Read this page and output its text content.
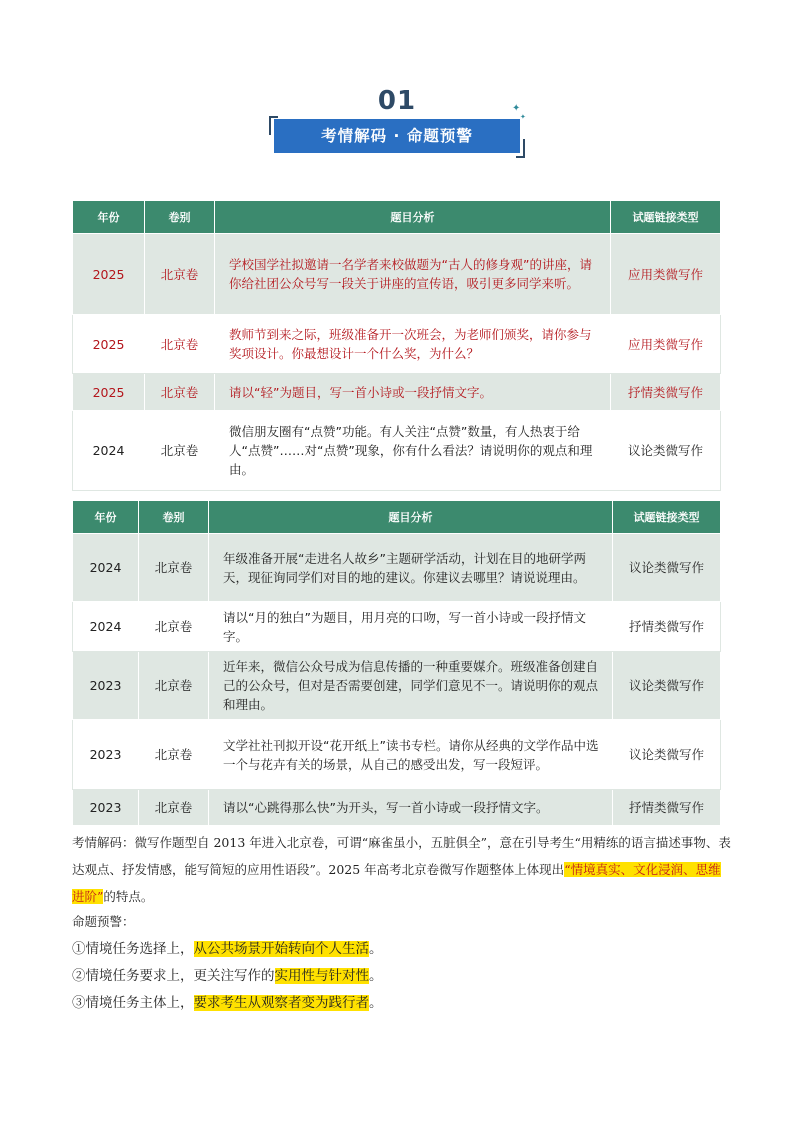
01
考情解码 · 命题预警
✦
✦
年份	卷别	题目分析	试题链接类型
2025	北京卷	学校国学社拟邀请一名学者来校做题为“古人的修身观”的讲座，请你给社团公众号写一段关于讲座的宣传语，吸引更多同学来听。	应用类微写作
2025	北京卷	教师节到来之际，班级准备开一次班会，为老师们颁奖，请你参与奖项设计。你最想设计一个什么奖，为什么？	应用类微写作
2025	北京卷	请以“轻”为题目，写一首小诗或一段抒情文字。	抒情类微写作
2024	北京卷	微信朋友圈有“点赞”功能。有人关注“点赞”数量，有人热衷于给人“点赞”……对“点赞”现象，你有什么看法？请说明你的观点和理由。	议论类微写作
年份	卷别	题目分析	试题链接类型
2024	北京卷	年级准备开展“走进名人故乡”主题研学活动，计划在目的地研学两天，现征询同学们对目的地的建议。你建议去哪里？请说说理由。	议论类微写作
2024	北京卷	请以“月的独白”为题目，用月亮的口吻，写一首小诗或一段抒情文字。	抒情类微写作
2023	北京卷	近年来，微信公众号成为信息传播的一种重要媒介。班级准备创建自己的公众号，但对是否需要创建，同学们意见不一。请说明你的观点和理由。	议论类微写作
2023	北京卷	文学社社刊拟开设“花开纸上”读书专栏。请你从经典的文学作品中选一个与花卉有关的场景，从自己的感受出发，写一段短评。	议论类微写作
2023	北京卷	请以“心跳得那么快”为开头，写一首小诗或一段抒情文字。	抒情类微写作
考情解码：微写作题型自 2013 年进入北京卷，可谓“麻雀虽小，五脏俱全”，意在引导考生“用精练的语言描述事物、表达观点、抒发情感，能写简短的应用性语段”。2025 年高考北京卷微写作题整体上体现出“情境真实、文化浸润、思维进阶”的特点。
命题预警：
①情境任务选择上，从公共场景开始转向个人生活。
②情境任务要求上，更关注写作的实用性与针对性。
③情境任务主体上，要求考生从观察者变为践行者。
